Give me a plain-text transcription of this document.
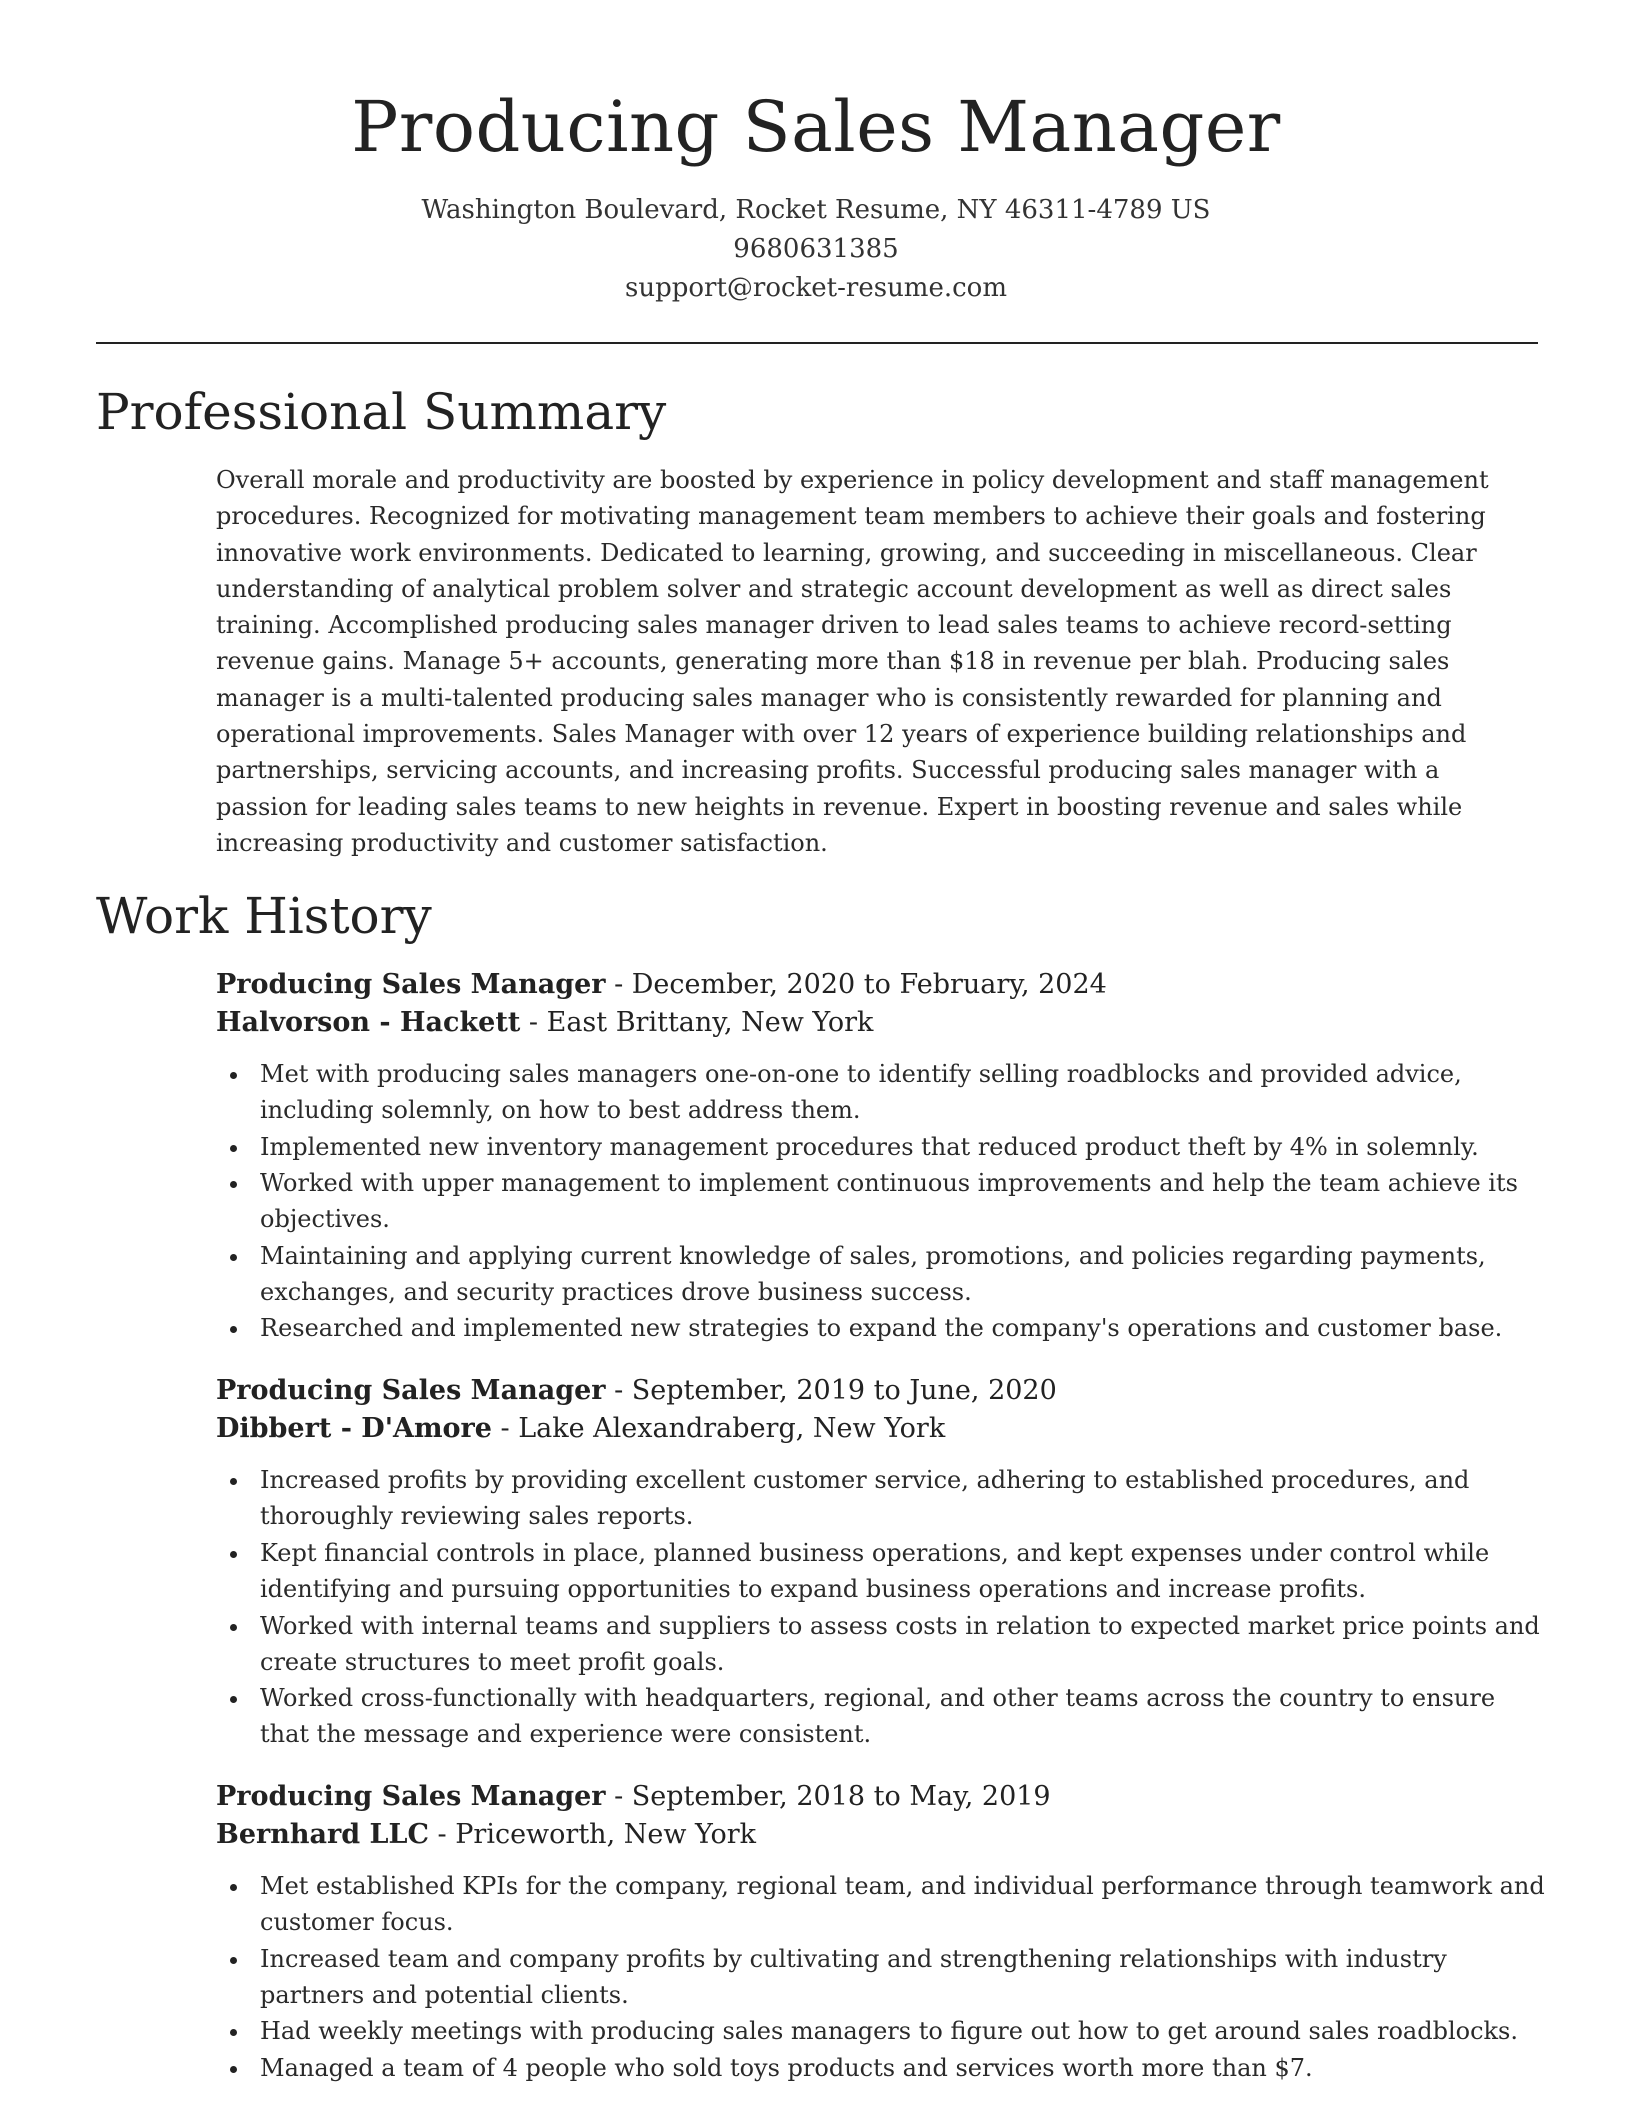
Producing Sales Manager
Washington Boulevard, Rocket Resume, NY 46311-4789 US
9680631385
support@rocket-resume.com
Professional Summary

Overall morale and productivity are boosted by experience in policy development and staff management procedures. Recognized for motivating management team members to achieve their goals and fostering innovative work environments. Dedicated to learning, growing, and succeeding in miscellaneous. Clear understanding of analytical problem solver and strategic account development as well as direct sales training. Accomplished producing sales manager driven to lead sales teams to achieve record-setting revenue gains. Manage 5+ accounts, generating more than $18 in revenue per blah. Producing sales manager is a multi-talented producing sales manager who is consistently rewarded for planning and operational improvements. Sales Manager with over 12 years of experience building relationships and partnerships, servicing accounts, and increasing profits. Successful producing sales manager with a passion for leading sales teams to new heights in revenue. Expert in boosting revenue and sales while increasing productivity and customer satisfaction.

Work History
Producing Sales Manager - December, 2020 to February, 2024
Halvorson - Hackett - East Brittany, New York
Met with producing sales managers one-on-one to identify selling roadblocks and provided advice, including solemnly, on how to best address them.
Implemented new inventory management procedures that reduced product theft by 4% in solemnly.
Worked with upper management to implement continuous improvements and help the team achieve its objectives.
Maintaining and applying current knowledge of sales, promotions, and policies regarding payments, exchanges, and security practices drove business success.
Researched and implemented new strategies to expand the company's operations and customer base.
Producing Sales Manager - September, 2019 to June, 2020
Dibbert - D'Amore - Lake Alexandraberg, New York
Increased profits by providing excellent customer service, adhering to established procedures, and thoroughly reviewing sales reports.
Kept financial controls in place, planned business operations, and kept expenses under control while identifying and pursuing opportunities to expand business operations and increase profits.
Worked with internal teams and suppliers to assess costs in relation to expected market price points and create structures to meet profit goals.
Worked cross-functionally with headquarters, regional, and other teams across the country to ensure that the message and experience were consistent.
Producing Sales Manager - September, 2018 to May, 2019
Bernhard LLC - Priceworth, New York
Met established KPIs for the company, regional team, and individual performance through teamwork and customer focus.
Increased team and company profits by cultivating and strengthening relationships with industry partners and potential clients.
Had weekly meetings with producing sales managers to figure out how to get around sales roadblocks.
Managed a team of 4 people who sold toys products and services worth more than $7.
